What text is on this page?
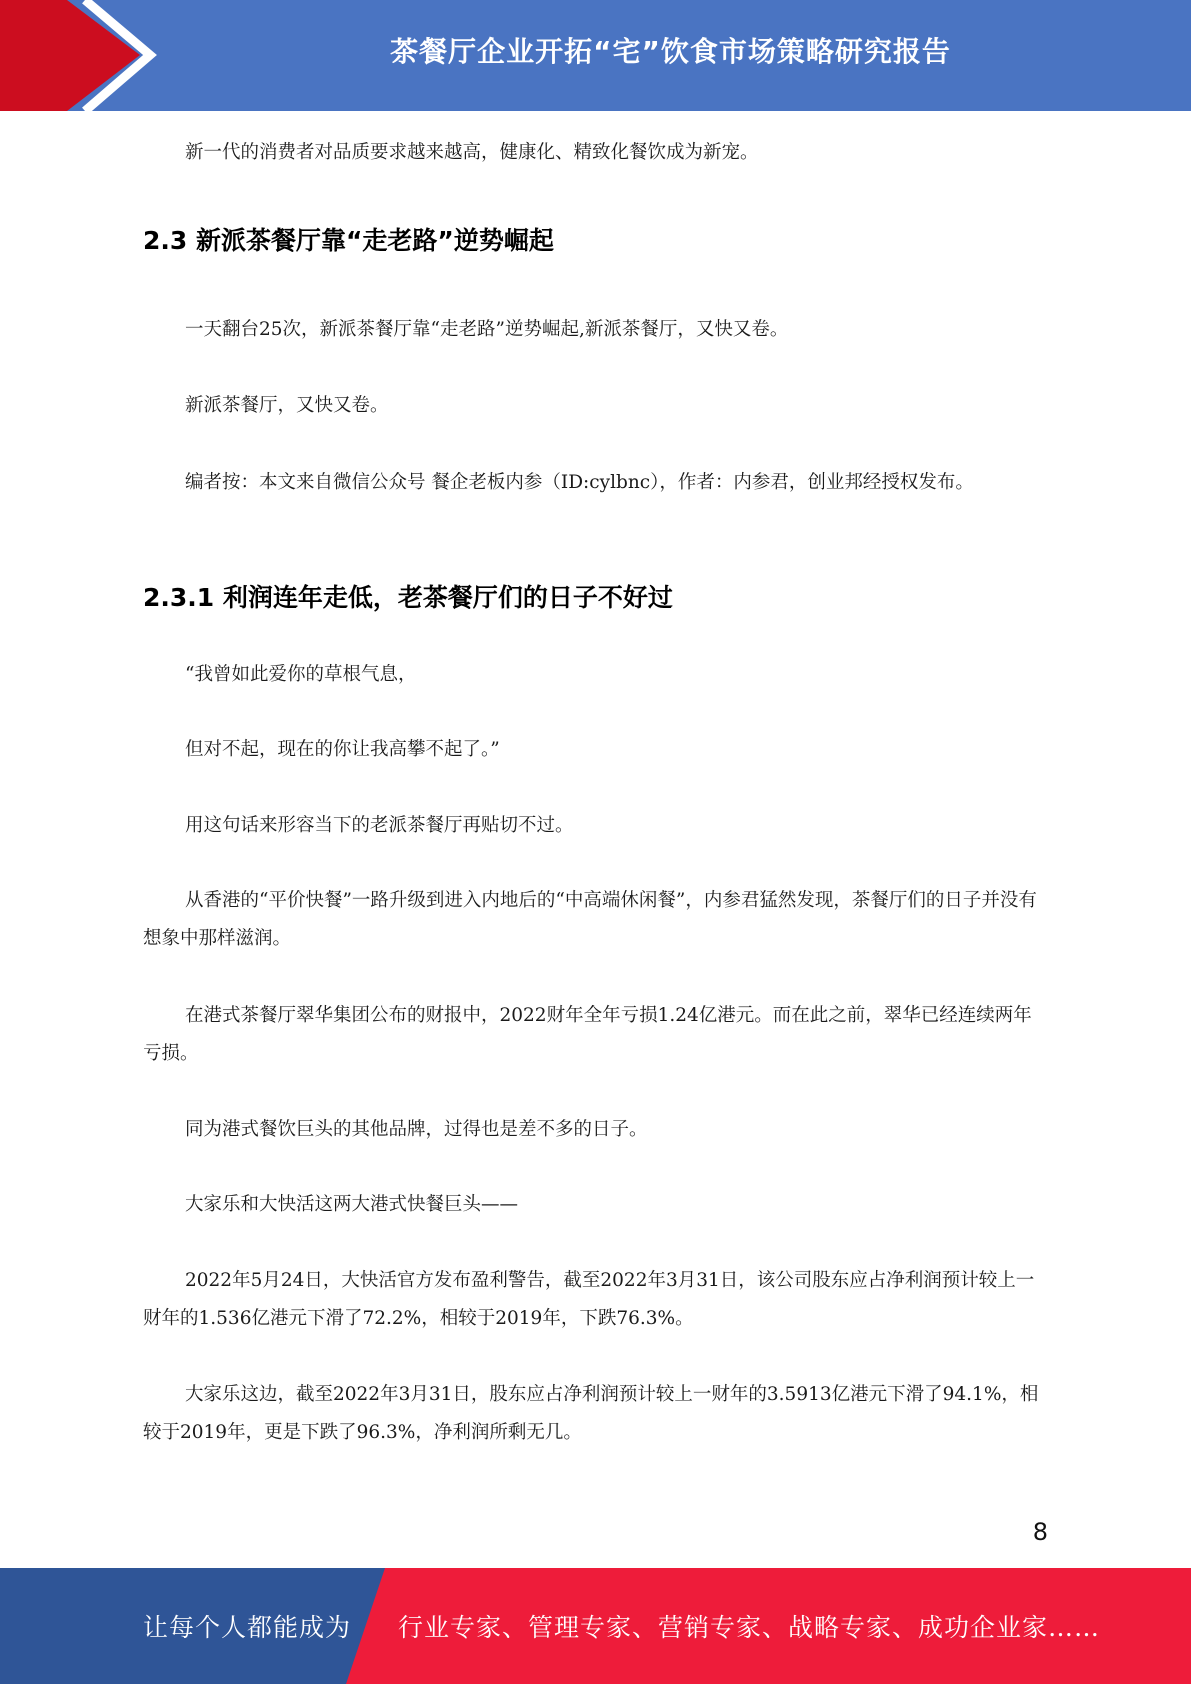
茶餐厅企业开拓“宅”饮食市场策略研究报告

新一代的消费者对品质要求越来越高，健康化、精致化餐饮成为新宠。

2.3 新派茶餐厅靠“走老路”逆势崛起

一天翻台25次，新派茶餐厅靠“走老路”逆势崛起,新派茶餐厅，又快又卷。

新派茶餐厅，又快又卷。

编者按：本文来自微信公众号 餐企老板内参（ID:cylbnc），作者：内参君，创业邦经授权发布。

2.3.1 利润连年走低，老茶餐厅们的日子不好过

“我曾如此爱你的草根气息，

但对不起，现在的你让我高攀不起了。”

用这句话来形容当下的老派茶餐厅再贴切不过。

从香港的“平价快餐”一路升级到进入内地后的“中高端休闲餐”，内参君猛然发现，茶餐厅们的日子并没有想象中那样滋润。

在港式茶餐厅翠华集团公布的财报中，2022财年全年亏损1.24亿港元。而在此之前，翠华已经连续两年亏损。

同为港式餐饮巨头的其他品牌，过得也是差不多的日子。

大家乐和大快活这两大港式快餐巨头——

2022年5月24日，大快活官方发布盈利警告，截至2022年3月31日，该公司股东应占净利润预计较上一财年的1.536亿港元下滑了72.2%，相较于2019年，下跌76.3%。

大家乐这边，截至2022年3月31日，股东应占净利润预计较上一财年的3.5913亿港元下滑了94.1%，相较于2019年，更是下跌了96.3%，净利润所剩无几。

8
让每个人都能成为 行业专家、管理专家、营销专家、战略专家、成功企业家……
